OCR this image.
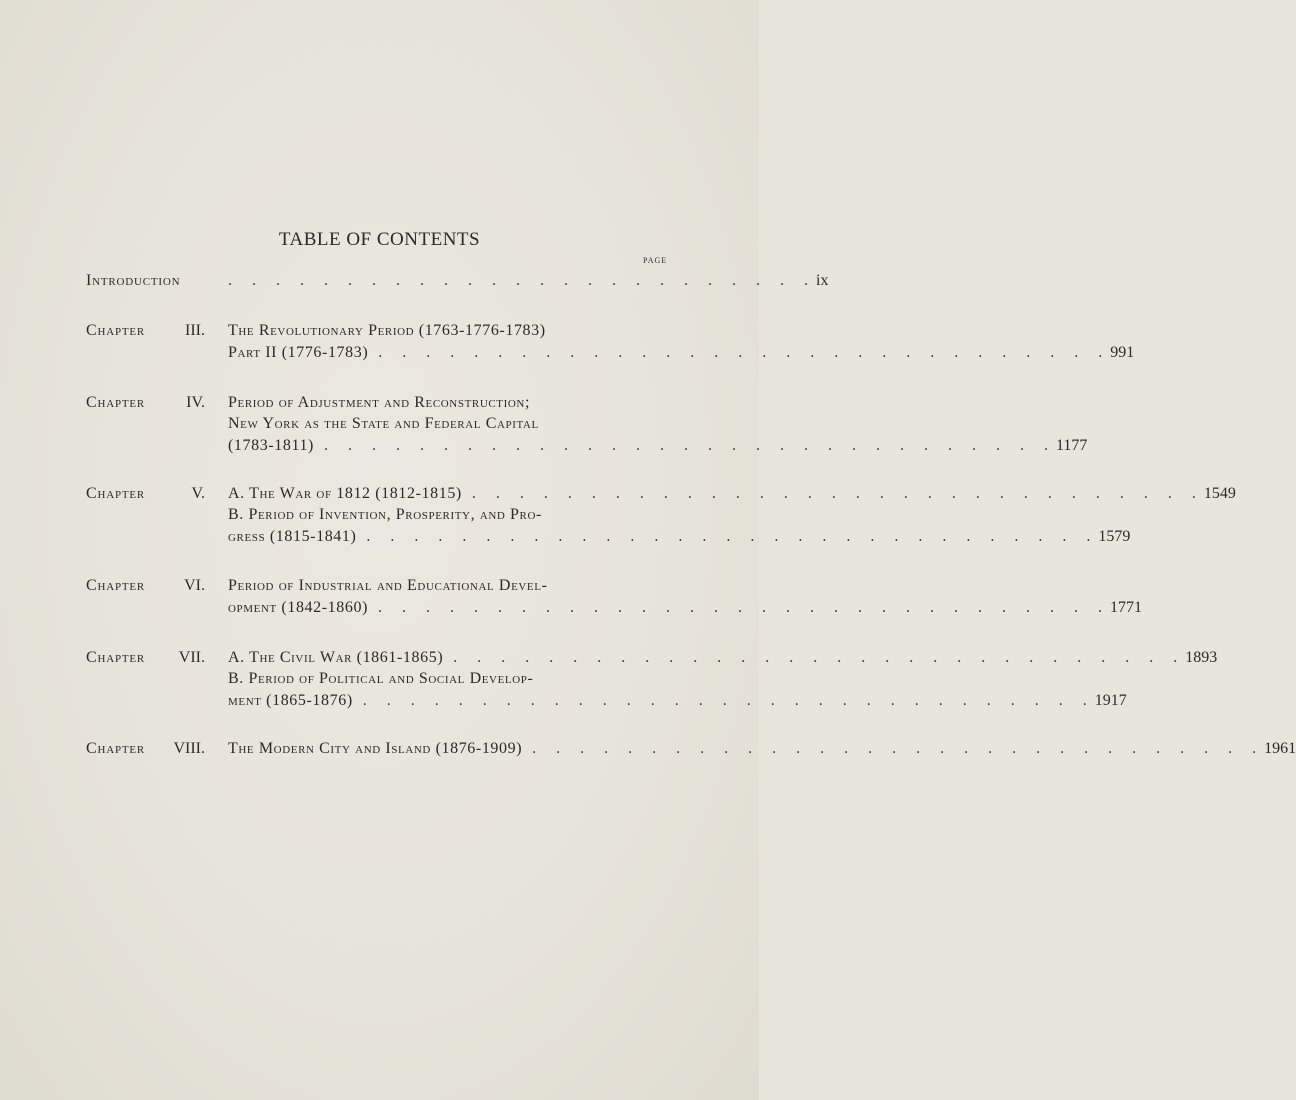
TABLE OF CONTENTS
PAGE
Introduction	. . . . . . . . . . . . . . . . . . . . . . . . . ix
Chapter III. The Revolutionary Period (1763-1776-1783)
Part II (1776-1783) . . . . . . . . . . . . . . . . . . . . . . . . . . . . . . . 991
Chapter	IV. Period of Adjustment and Reconstruction;
New York as the State and Federal Capital
(1783-1811) . . . . . . . . . . . . . . . . . . . . . . . . . . . . . . . 1177
Chapter	V. A. The War of 1812 (1812-1815) . . . . . . . . . . . . . . . . . . . . . . . . . . . . . . . 1549
B. Period of Invention, Prosperity, and Pro-
gress (1815-1841) . . . . . . . . . . . . . . . . . . . . . . . . . . . . . . . 1579
Chapter VI. Period of Industrial and Educational Devel-
opment (1842-1860) . . . . . . . . . . . . . . . . . . . . . . . . . . . . . . . 1771
Chapter VII. A. The Civil War (1861-1865) . . . . . . . . . . . . . . . . . . . . . . . . . . . . . . . 1893
B. Period of Political and Social Develop-
ment (1865-1876) . . . . . . . . . . . . . . . . . . . . . . . . . . . . . . . 1917
Chapter VIII. The Modern City and Island (1876-1909) . . . . . . . . . . . . . . . . . . . . . . . . . . . . . . . 1961
